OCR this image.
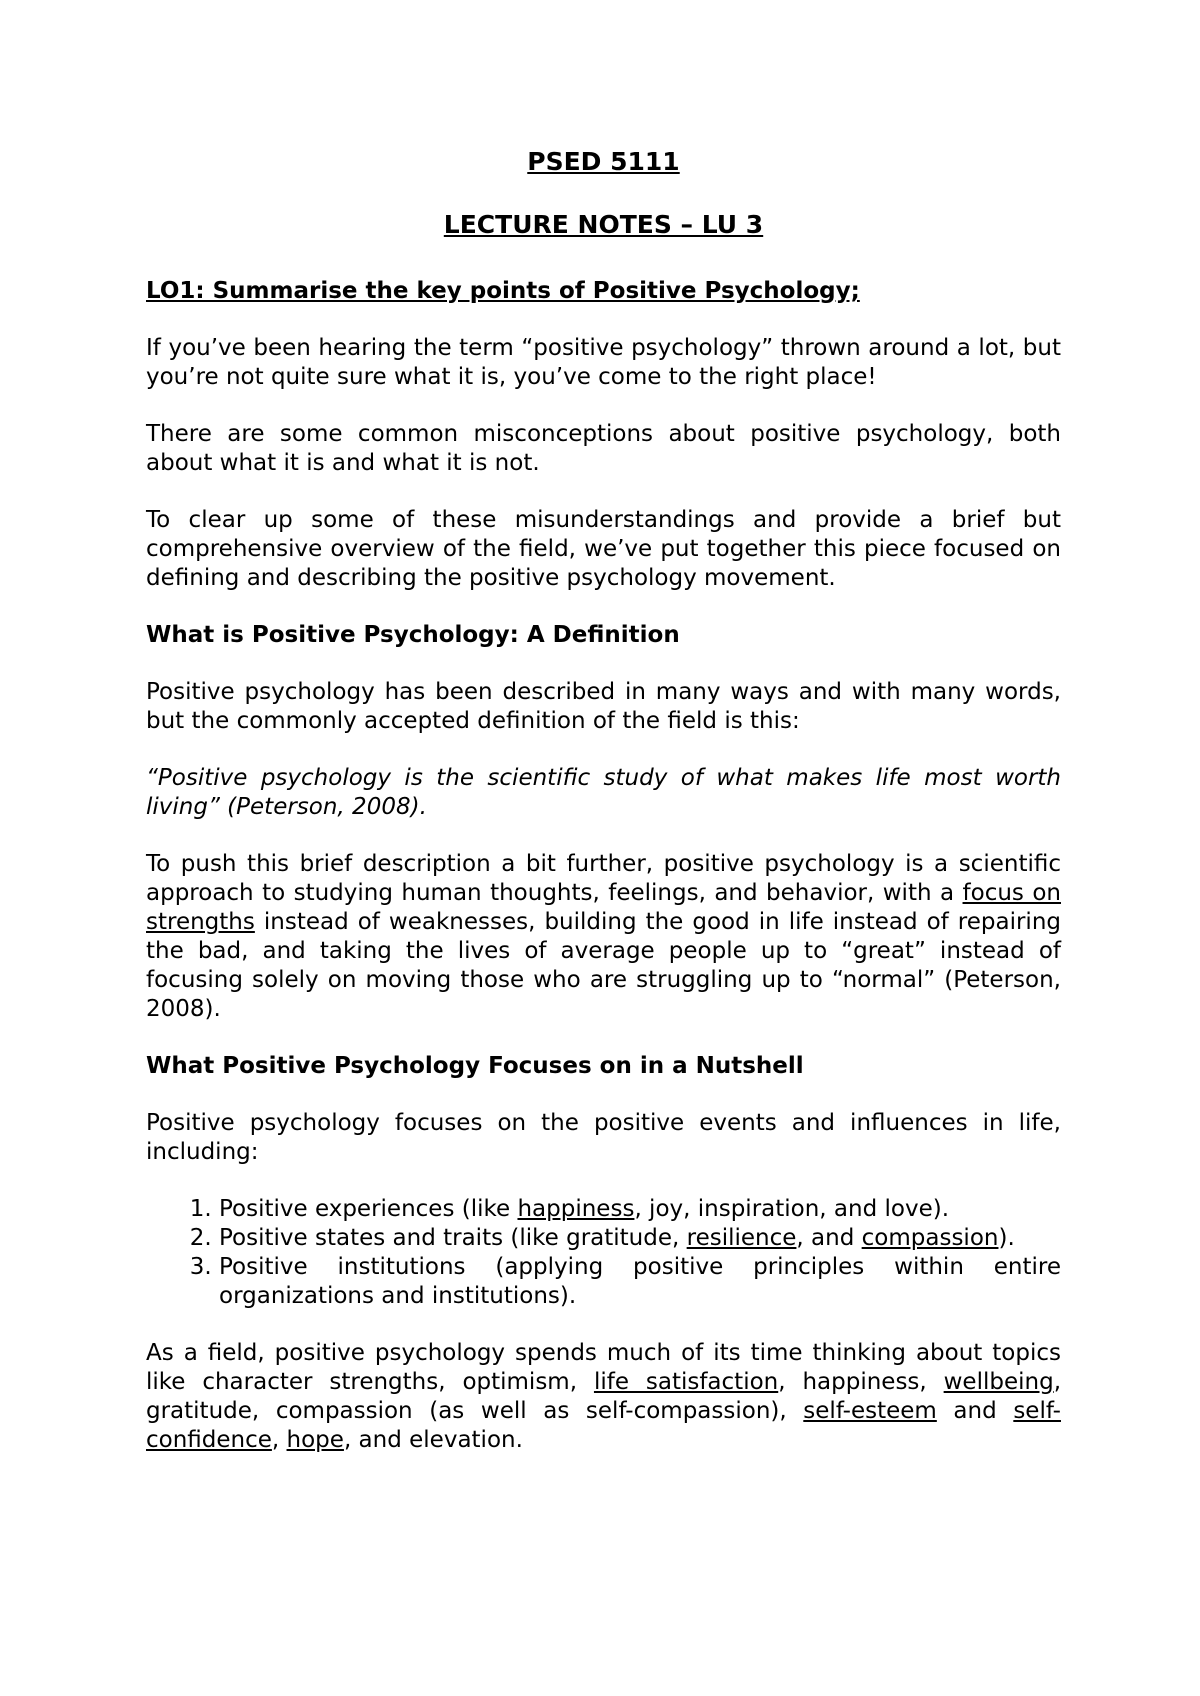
PSED 5111
LECTURE NOTES – LU 3
LO1: Summarise the key points of Positive Psychology;

If you’ve been hearing the term “positive psychology” thrown around a lot, but you’re not quite sure what it is, you’ve come to the right place!

There are some common misconceptions about positive psychology, both about what it is and what it is not.

To clear up some of these misunderstandings and provide a brief but comprehensive overview of the field, we’ve put together this piece focused on defining and describing the positive psychology movement.

What is Positive Psychology: A Definition

Positive psychology has been described in many ways and with many words, but the commonly accepted definition of the field is this:

“Positive psychology is the scientific study of what makes life most worth living” (Peterson, 2008).

To push this brief description a bit further, positive psychology is a scientific approach to studying human thoughts, feelings, and behavior, with a focus on strengths instead of weaknesses, building the good in life instead of repairing the bad, and taking the lives of average people up to “great” instead of focusing solely on moving those who are struggling up to “normal” (Peterson, 2008).

What Positive Psychology Focuses on in a Nutshell

Positive psychology focuses on the positive events and influences in life, including:

1. Positive experiences (like happiness, joy, inspiration, and love).
2. Positive states and traits (like gratitude, resilience, and compassion).
3. Positive institutions (applying positive principles within entire organizations and institutions).

As a field, positive psychology spends much of its time thinking about topics like character strengths, optimism, life satisfaction, happiness, wellbeing, gratitude, compassion (as well as self-compassion), self-esteem and self-confidence, hope, and elevation.
